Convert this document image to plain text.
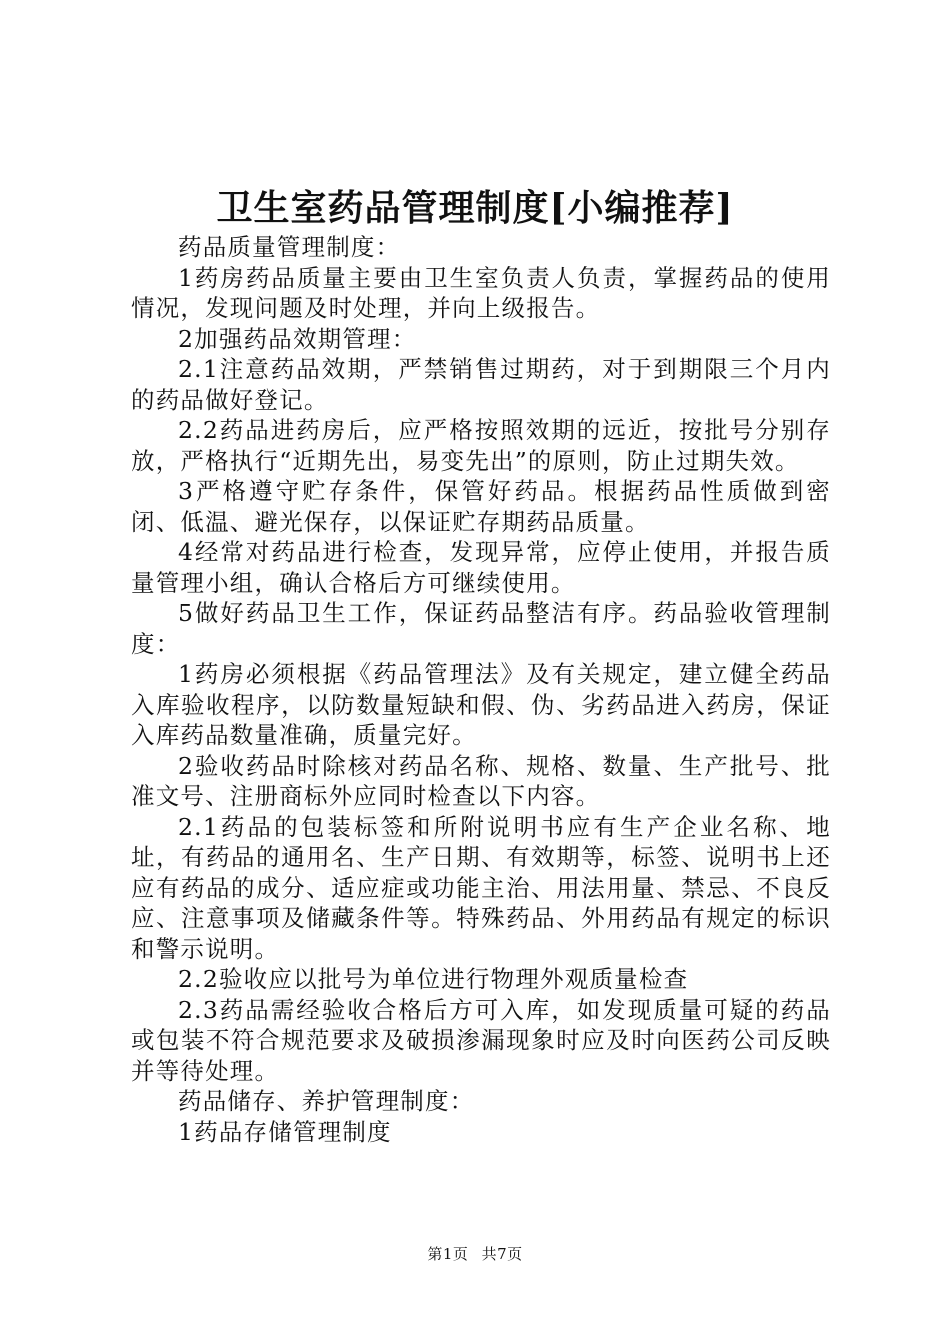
卫生室药品管理制度[小编推荐]

药品质量管理制度：

1药房药品质量主要由卫生室负责人负责，掌握药品的使用情况，发现问题及时处理，并向上级报告。

2加强药品效期管理：

2.1注意药品效期，严禁销售过期药，对于到期限三个月内的药品做好登记。

2.2药品进药房后，应严格按照效期的远近，按批号分别存放，严格执行“近期先出，易变先出”的原则，防止过期失效。

3严格遵守贮存条件，保管好药品。根据药品性质做到密闭、低温、避光保存，以保证贮存期药品质量。

4经常对药品进行检查，发现异常，应停止使用，并报告质量管理小组，确认合格后方可继续使用。

5做好药品卫生工作，保证药品整洁有序。药品验收管理制度：

1药房必须根据《药品管理法》及有关规定，建立健全药品入库验收程序，以防数量短缺和假、伪、劣药品进入药房，保证入库药品数量准确，质量完好。

2验收药品时除核对药品名称、规格、数量、生产批号、批准文号、注册商标外应同时检查以下内容。

2.1药品的包装标签和所附说明书应有生产企业名称、地址，有药品的通用名、生产日期、有效期等，标签、说明书上还应有药品的成分、适应症或功能主治、用法用量、禁忌、不良反应、注意事项及储藏条件等。特殊药品、外用药品有规定的标识和警示说明。

2.2验收应以批号为单位进行物理外观质量检查

2.3药品需经验收合格后方可入库，如发现质量可疑的药品或包装不符合规范要求及破损渗漏现象时应及时向医药公司反映并等待处理。

药品储存、养护管理制度：

1药品存储管理制度

第1页 共7页
